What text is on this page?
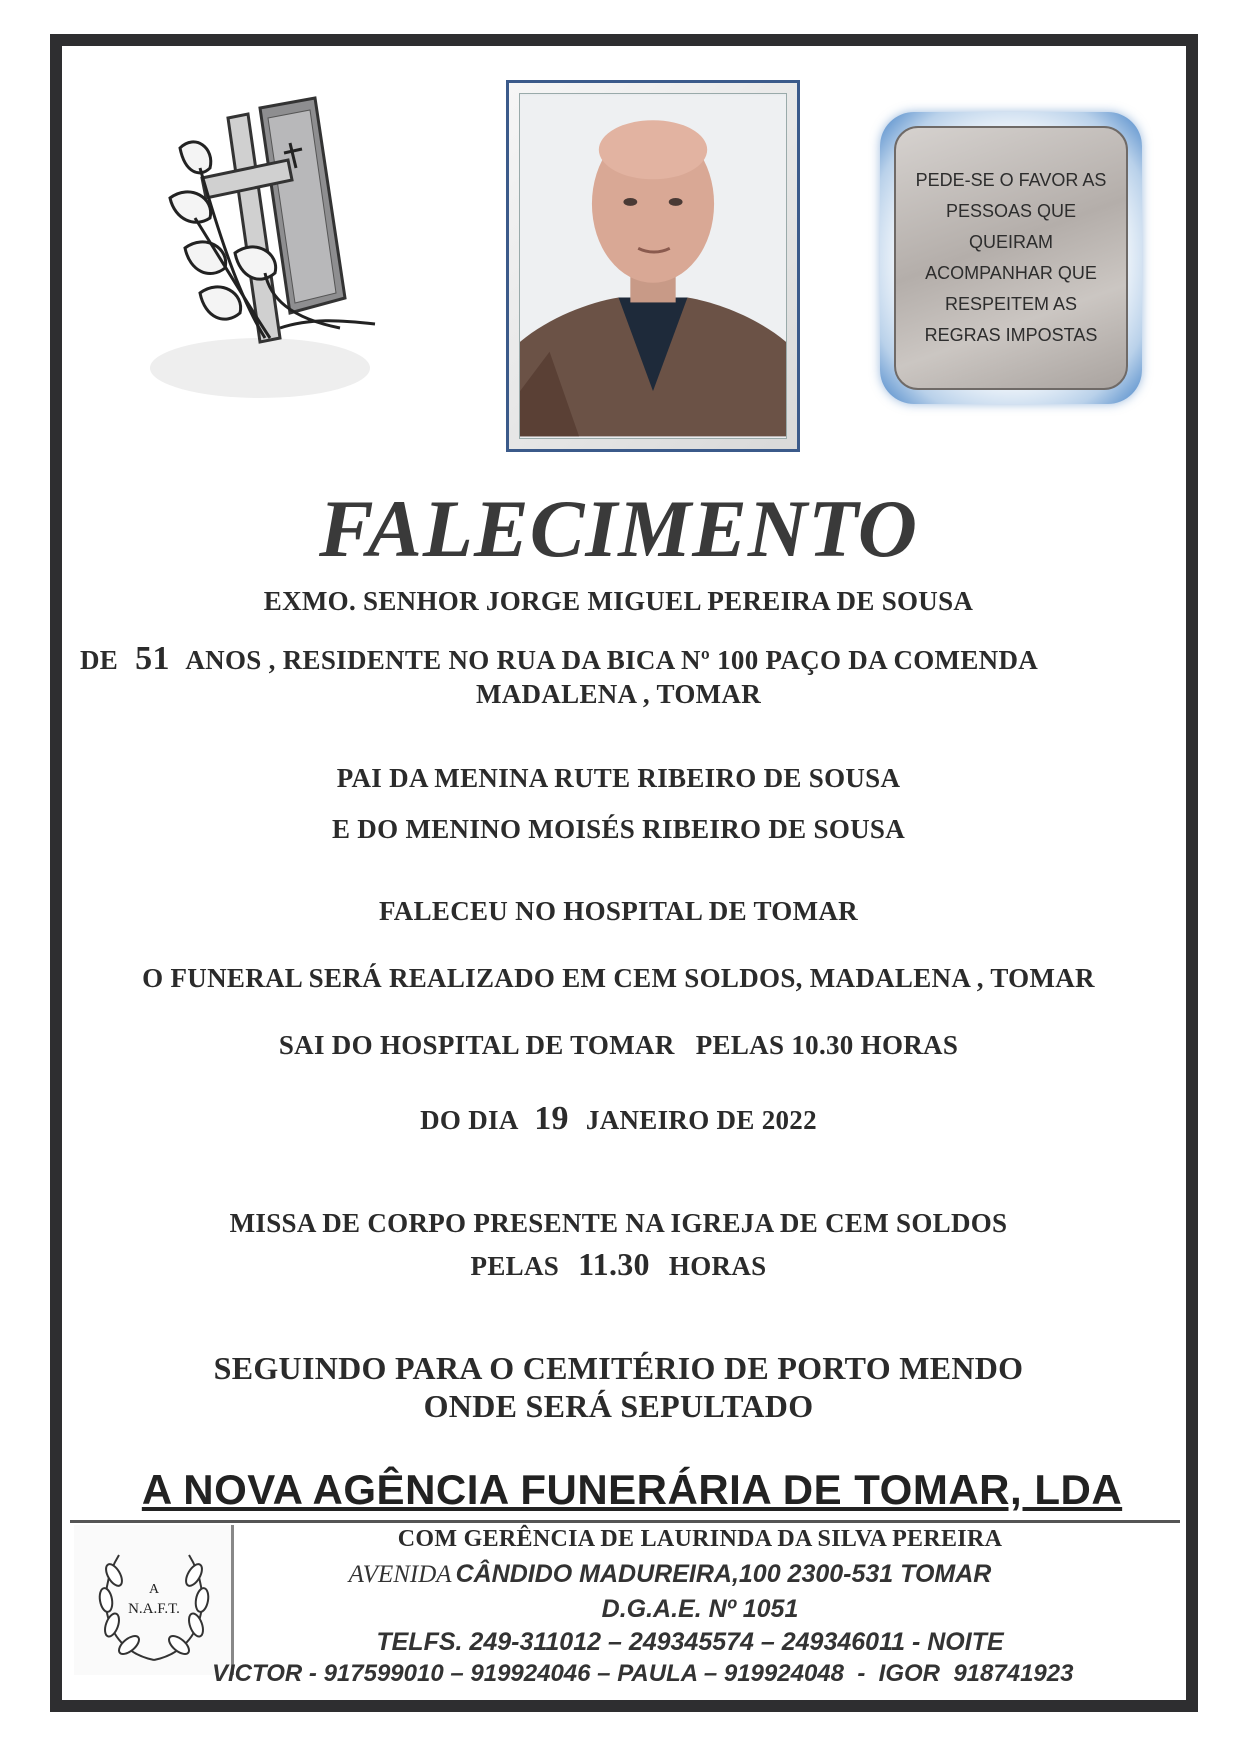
PEDE-SE O FAVOR AS
PESSOAS QUE
QUEIRAM
ACOMPANHAR QUE
RESPEITEM AS
REGRAS IMPOSTAS
FALECIMENTO
EXMO. SENHOR JORGE MIGUEL PEREIRA DE SOUSA
DE 51 ANOS , RESIDENTE NO RUA DA BICA Nº 100 PAÇO DA COMENDA
MADALENA , TOMAR
PAI DA MENINA RUTE RIBEIRO DE SOUSA
E DO MENINO MOISÉS RIBEIRO DE SOUSA
FALECEU NO HOSPITAL DE TOMAR
O FUNERAL SERÁ REALIZADO EM CEM SOLDOS, MADALENA , TOMAR
SAI DO HOSPITAL DE TOMAR   PELAS 10.30 HORAS
DO DIA 19 JANEIRO DE 2022
MISSA DE CORPO PRESENTE NA IGREJA DE CEM SOLDOS
PELAS 11.30 HORAS
SEGUINDO PARA O CEMITÉRIO DE PORTO MENDO
ONDE SERÁ SEPULTADO
A NOVA AGÊNCIA FUNERÁRIA DE TOMAR, LDA
A
N.A.F.T.
COM GERÊNCIA DE LAURINDA DA SILVA PEREIRA
AVENIDA CÂNDIDO MADUREIRA,100 2300-531 TOMAR
D.G.A.E. Nº 1051
TELFS. 249-311012 – 249345574 – 249346011 - NOITE
VICTOR - 917599010 – 919924046 – PAULA – 919924048  -  IGOR  918741923
